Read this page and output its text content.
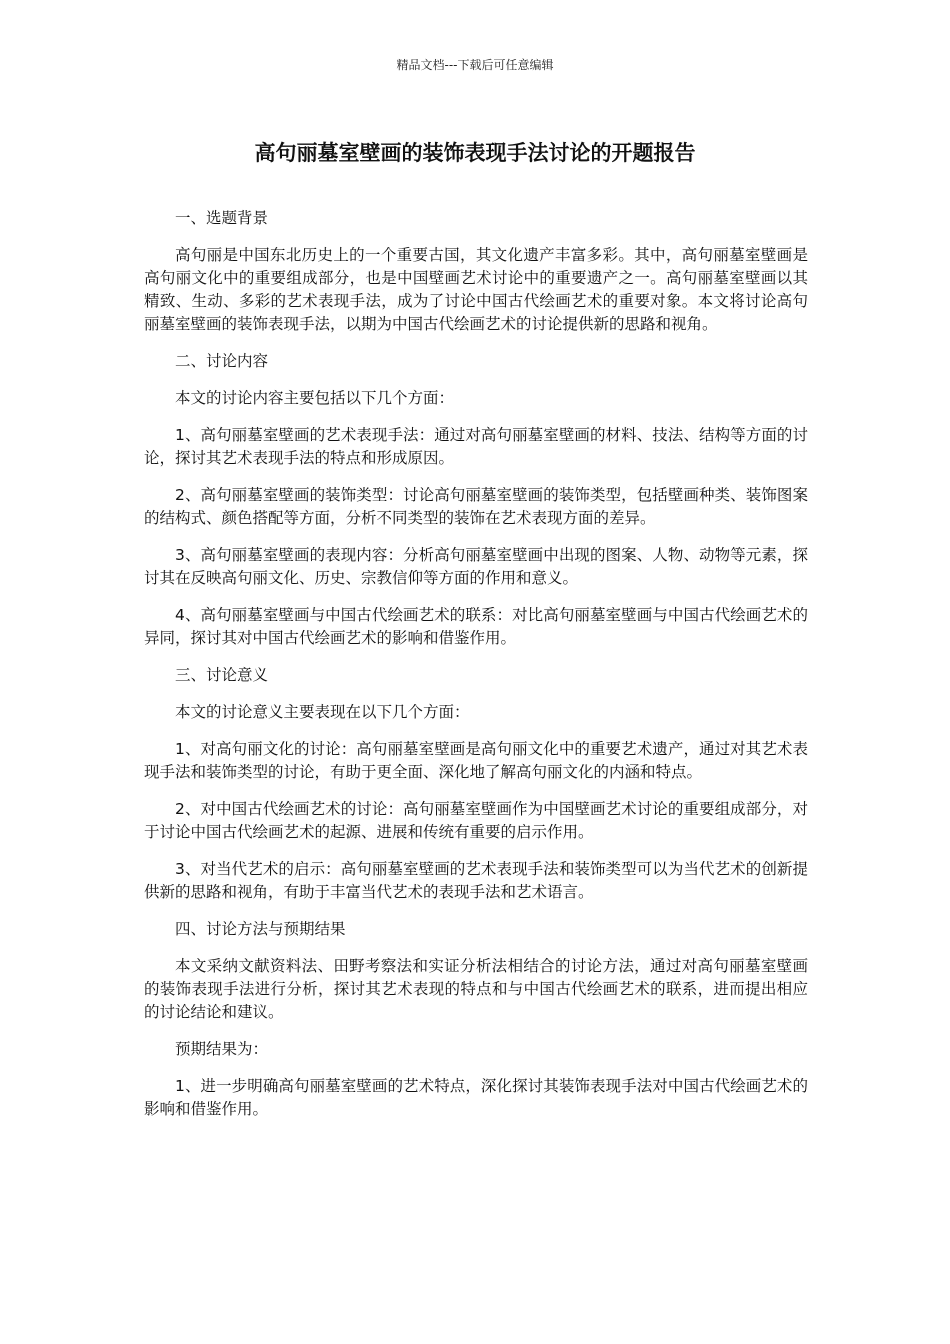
精品文档---下载后可任意编辑
高句丽墓室壁画的装饰表现手法讨论的开题报告

一、选题背景

高句丽是中国东北历史上的一个重要古国，其文化遗产丰富多彩。其中，高句丽墓室壁画是高句丽文化中的重要组成部分，也是中国壁画艺术讨论中的重要遗产之一。高句丽墓室壁画以其精致、生动、多彩的艺术表现手法，成为了讨论中国古代绘画艺术的重要对象。本文将讨论高句丽墓室壁画的装饰表现手法，以期为中国古代绘画艺术的讨论提供新的思路和视角。

二、讨论内容

本文的讨论内容主要包括以下几个方面：

1、高句丽墓室壁画的艺术表现手法：通过对高句丽墓室壁画的材料、技法、结构等方面的讨论，探讨其艺术表现手法的特点和形成原因。

2、高句丽墓室壁画的装饰类型：讨论高句丽墓室壁画的装饰类型，包括壁画种类、装饰图案的结构式、颜色搭配等方面，分析不同类型的装饰在艺术表现方面的差异。

3、高句丽墓室壁画的表现内容：分析高句丽墓室壁画中出现的图案、人物、动物等元素，探讨其在反映高句丽文化、历史、宗教信仰等方面的作用和意义。

4、高句丽墓室壁画与中国古代绘画艺术的联系：对比高句丽墓室壁画与中国古代绘画艺术的异同，探讨其对中国古代绘画艺术的影响和借鉴作用。

三、讨论意义

本文的讨论意义主要表现在以下几个方面：

1、对高句丽文化的讨论：高句丽墓室壁画是高句丽文化中的重要艺术遗产，通过对其艺术表现手法和装饰类型的讨论，有助于更全面、深化地了解高句丽文化的内涵和特点。

2、对中国古代绘画艺术的讨论：高句丽墓室壁画作为中国壁画艺术讨论的重要组成部分，对于讨论中国古代绘画艺术的起源、进展和传统有重要的启示作用。

3、对当代艺术的启示：高句丽墓室壁画的艺术表现手法和装饰类型可以为当代艺术的创新提供新的思路和视角，有助于丰富当代艺术的表现手法和艺术语言。

四、讨论方法与预期结果

本文采纳文献资料法、田野考察法和实证分析法相结合的讨论方法，通过对高句丽墓室壁画的装饰表现手法进行分析，探讨其艺术表现的特点和与中国古代绘画艺术的联系，进而提出相应的讨论结论和建议。

预期结果为：

1、进一步明确高句丽墓室壁画的艺术特点，深化探讨其装饰表现手法对中国古代绘画艺术的影响和借鉴作用。
